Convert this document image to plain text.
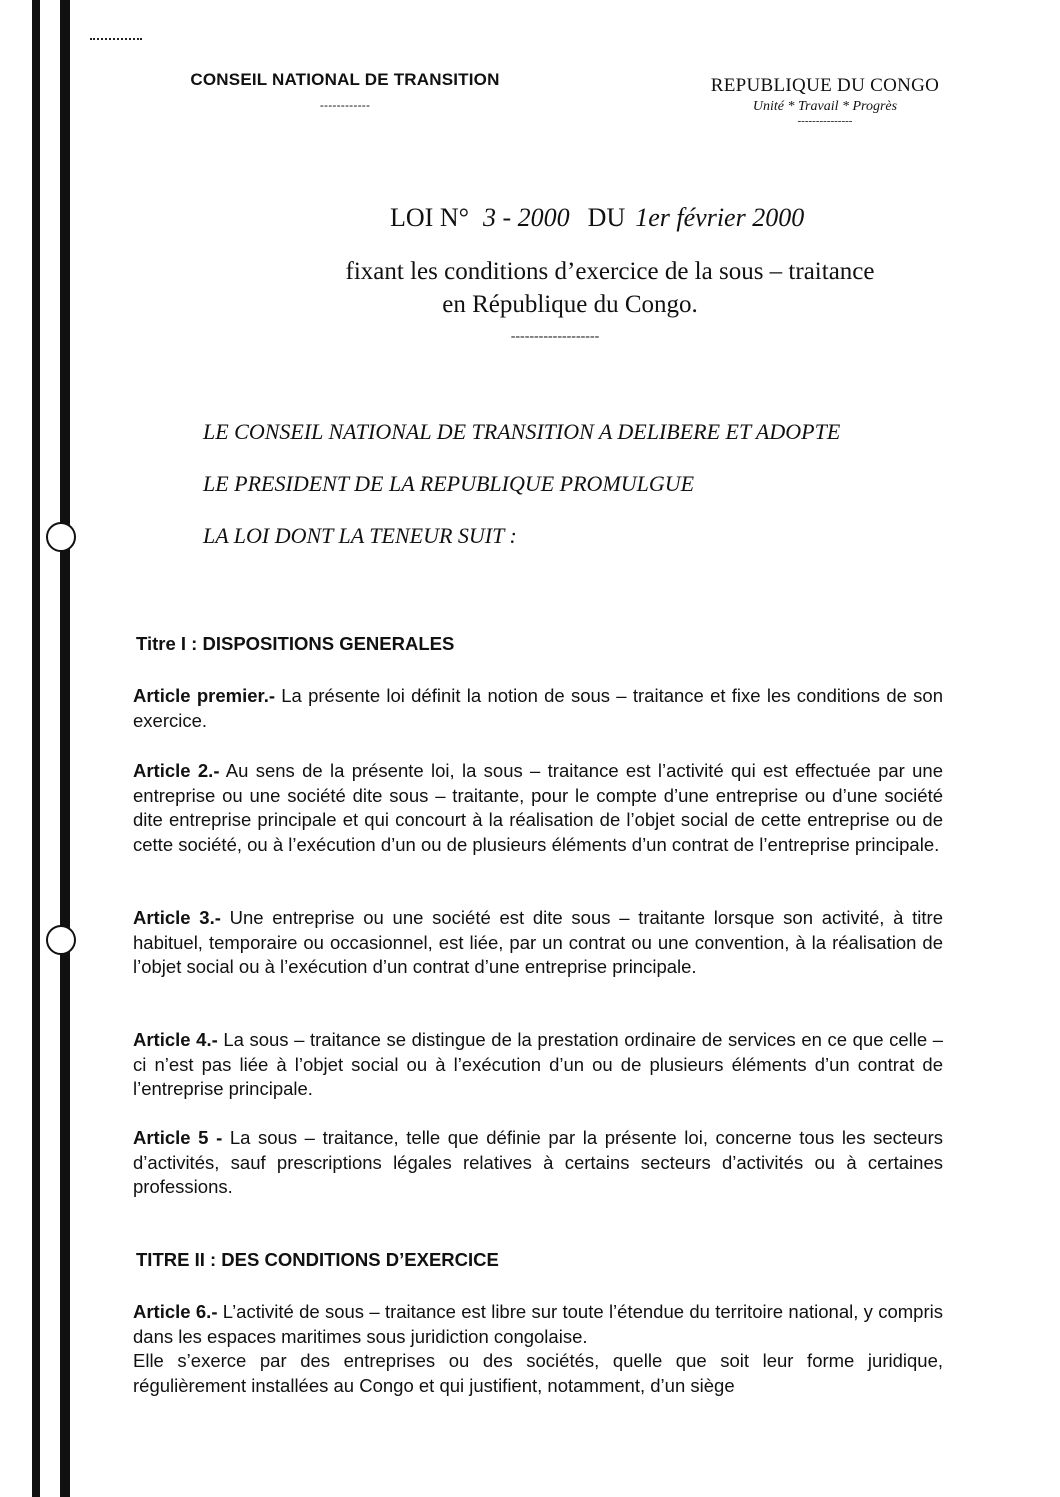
CONSEIL NATIONAL DE TRANSITION
------------
REPUBLIQUE DU CONGO
Unité * Travail * Progrès
---------------
LOI N° 3 - 2000 DU 1er février 2000
fixant les conditions d’exercice de la sous – traitance
en République du Congo.
-------------------
LE CONSEIL NATIONAL DE TRANSITION A DELIBERE ET ADOPTE
LE PRESIDENT DE LA REPUBLIQUE PROMULGUE
LA LOI DONT LA TENEUR SUIT :
Titre I : DISPOSITIONS GENERALES
Article premier.- La présente loi définit la notion de sous – traitance et fixe les conditions de son exercice.
Article 2.- Au sens de la présente loi, la sous – traitance est l’activité qui est effectuée par une entreprise ou une société dite sous – traitante, pour le compte d’une entreprise ou d’une société dite entreprise principale et qui concourt à la réalisation de l’objet social de cette entreprise ou de cette société, ou à l’exécution d’un ou de plusieurs éléments d’un contrat de l’entreprise principale.
Article 3.- Une entreprise ou une société est dite sous – traitante lorsque son activité, à titre habituel, temporaire ou occasionnel, est liée, par un contrat ou une convention, à la réalisation de l’objet social ou à l’exécution d’un contrat d’une entreprise principale.
Article 4.- La sous – traitance se distingue de la prestation ordinaire de services en ce que celle – ci n’est pas liée à l’objet social ou à l’exécution d’un ou de plusieurs éléments d’un contrat de l’entreprise principale.
Article 5 - La sous – traitance, telle que définie par la présente loi, concerne tous les secteurs d’activités, sauf prescriptions légales relatives à certains secteurs d’activités ou à certaines professions.
TITRE II : DES CONDITIONS D’EXERCICE
Article 6.- L’activité de sous – traitance est libre sur toute l’étendue du territoire national, y compris dans les espaces maritimes sous juridiction congolaise.
Elle s’exerce par des entreprises ou des sociétés, quelle que soit leur forme juridique, régulièrement installées au Congo et qui justifient, notamment, d’un siège
